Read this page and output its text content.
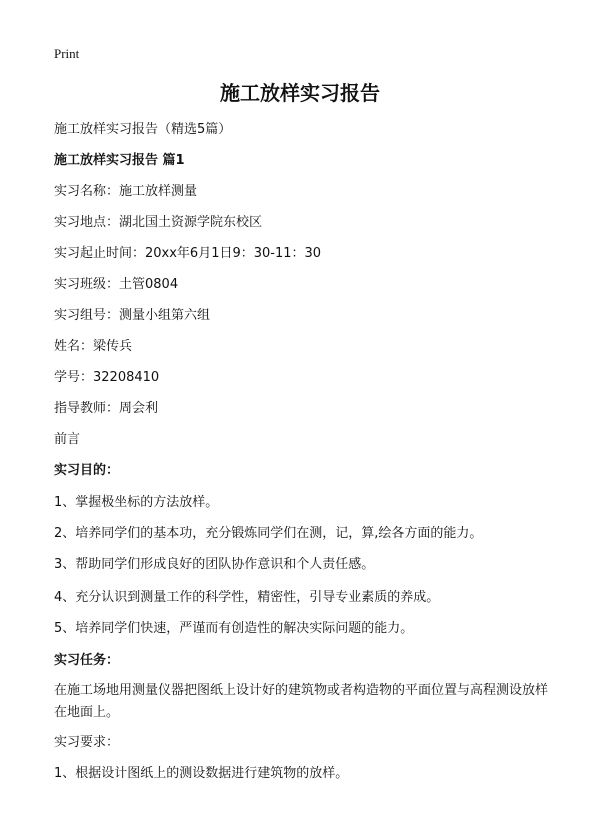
Print
施工放样实习报告
施工放样实习报告（精选5篇）
施工放样实习报告 篇1
实习名称：施工放样测量
实习地点：湖北国土资源学院东校区
实习起止时间：20xx年6月1日9：30-11：30
实习班级：土管0804
实习组号：测量小组第六组
姓名：梁传兵
学号：32208410
指导教师：周会利
前言
实习目的：
1、掌握极坐标的方法放样。
2、培养同学们的基本功，充分锻炼同学们在测，记，算,绘各方面的能力。
3、帮助同学们形成良好的团队协作意识和个人责任感。
4、充分认识到测量工作的科学性，精密性，引导专业素质的养成。
5、培养同学们快速，严谨而有创造性的解决实际问题的能力。
实习任务：
在施工场地用测量仪器把图纸上设计好的建筑物或者构造物的平面位置与高程测设放样在地面上。
实习要求：
1、根据设计图纸上的测设数据进行建筑物的放样。
